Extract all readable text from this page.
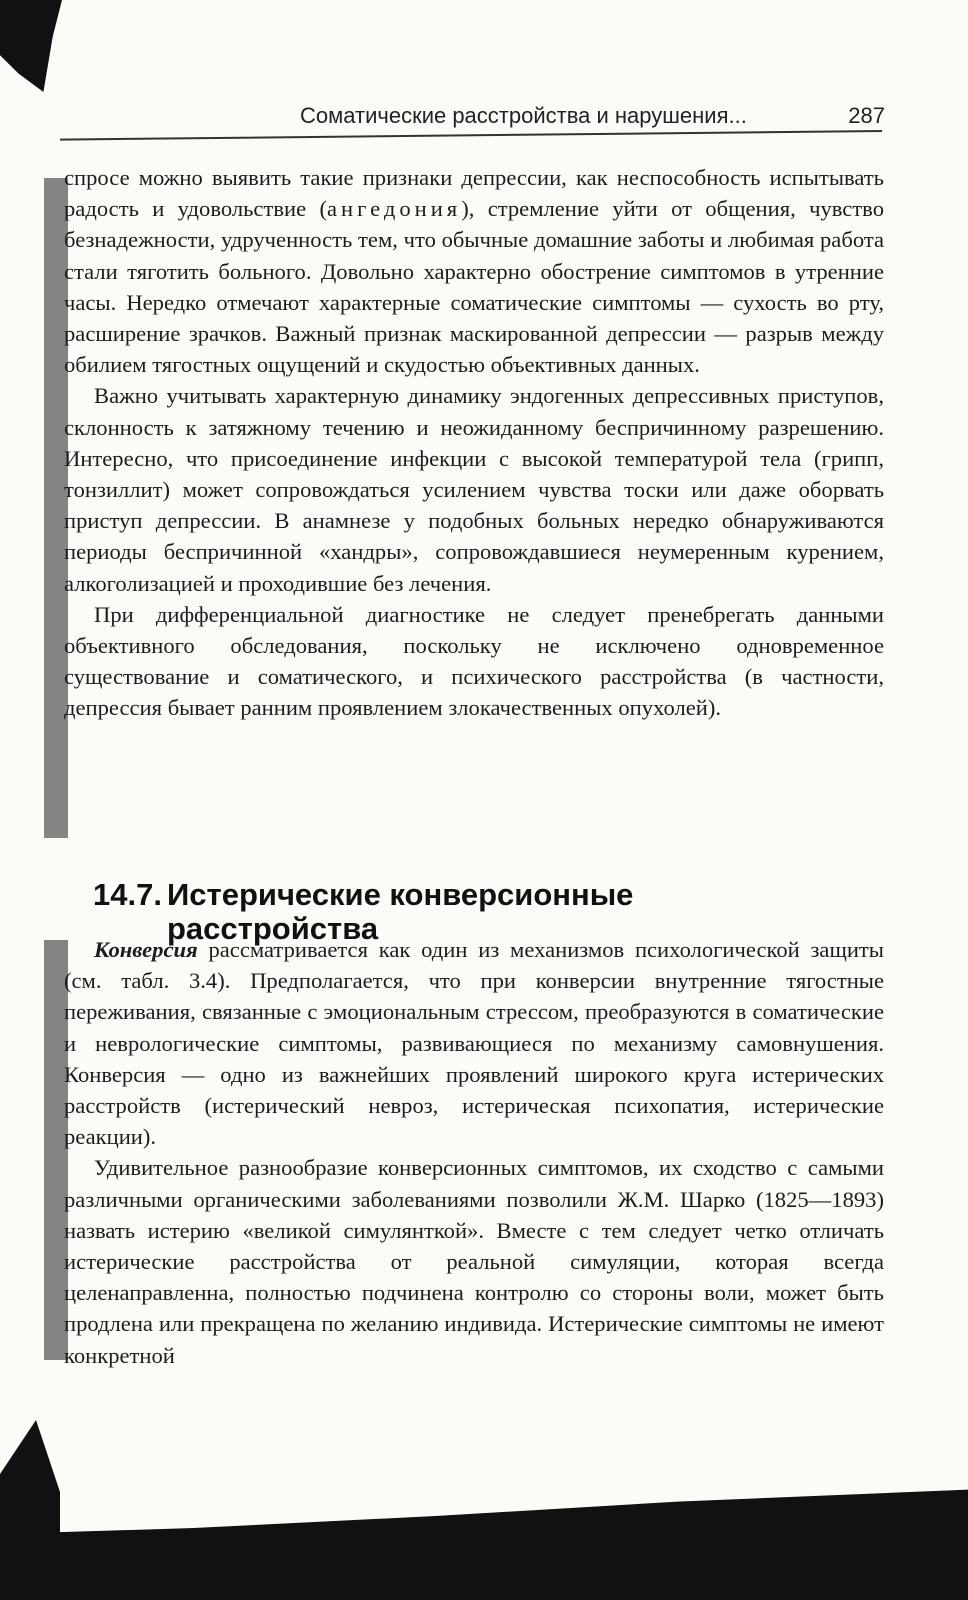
Соматические расстройства и нарушения...	287

спросе можно выявить такие признаки депрессии, как неспособность испытывать радость и удовольствие (ангедония), стремление уйти от общения, чувство безнадежности, удрученность тем, что обычные домашние заботы и любимая работа стали тяготить больного. Довольно характерно обострение симптомов в утренние часы. Нередко отмечают характерные соматические симптомы — сухость во рту, расширение зрачков. Важный признак маскированной депрессии — разрыв между обилием тягостных ощущений и скудостью объективных данных.

Важно учитывать характерную динамику эндогенных депрессивных приступов, склонность к затяжному течению и неожиданному беспричинному разрешению. Интересно, что присоединение инфекции с высокой температурой тела (грипп, тонзиллит) может сопровождаться усилением чувства тоски или даже оборвать приступ депрессии. В анамнезе у подобных больных нередко обнаруживаются периоды беспричинной «хандры», сопровождавшиеся неумеренным курением, алкоголизацией и проходившие без лечения.

При дифференциальной диагностике не следует пренебрегать данными объективного обследования, поскольку не исключено одновременное существование и соматического, и психического расстройства (в частности, депрессия бывает ранним проявлением злокачественных опухолей).

14.7. Истерические конверсионные
расстройства

Конверсия рассматривается как один из механизмов психологической защиты (см. табл. 3.4). Предполагается, что при конверсии внутренние тягостные переживания, связанные с эмоциональным стрессом, преобразуются в соматические и неврологические симптомы, развивающиеся по механизму самовнушения. Конверсия — одно из важнейших проявлений широкого круга истерических расстройств (истерический невроз, истерическая психопатия, истерические реакции).

Удивительное разнообразие конверсионных симптомов, их сходство с самыми различными органическими заболеваниями позволили Ж.М. Шарко (1825—1893) назвать истерию «великой симулянткой». Вместе с тем следует четко отличать истерические расстройства от реальной симуляции, которая всегда целенаправленна, полностью подчинена контролю со стороны воли, может быть продлена или прекращена по желанию индивида. Истерические симптомы не имеют конкретной
